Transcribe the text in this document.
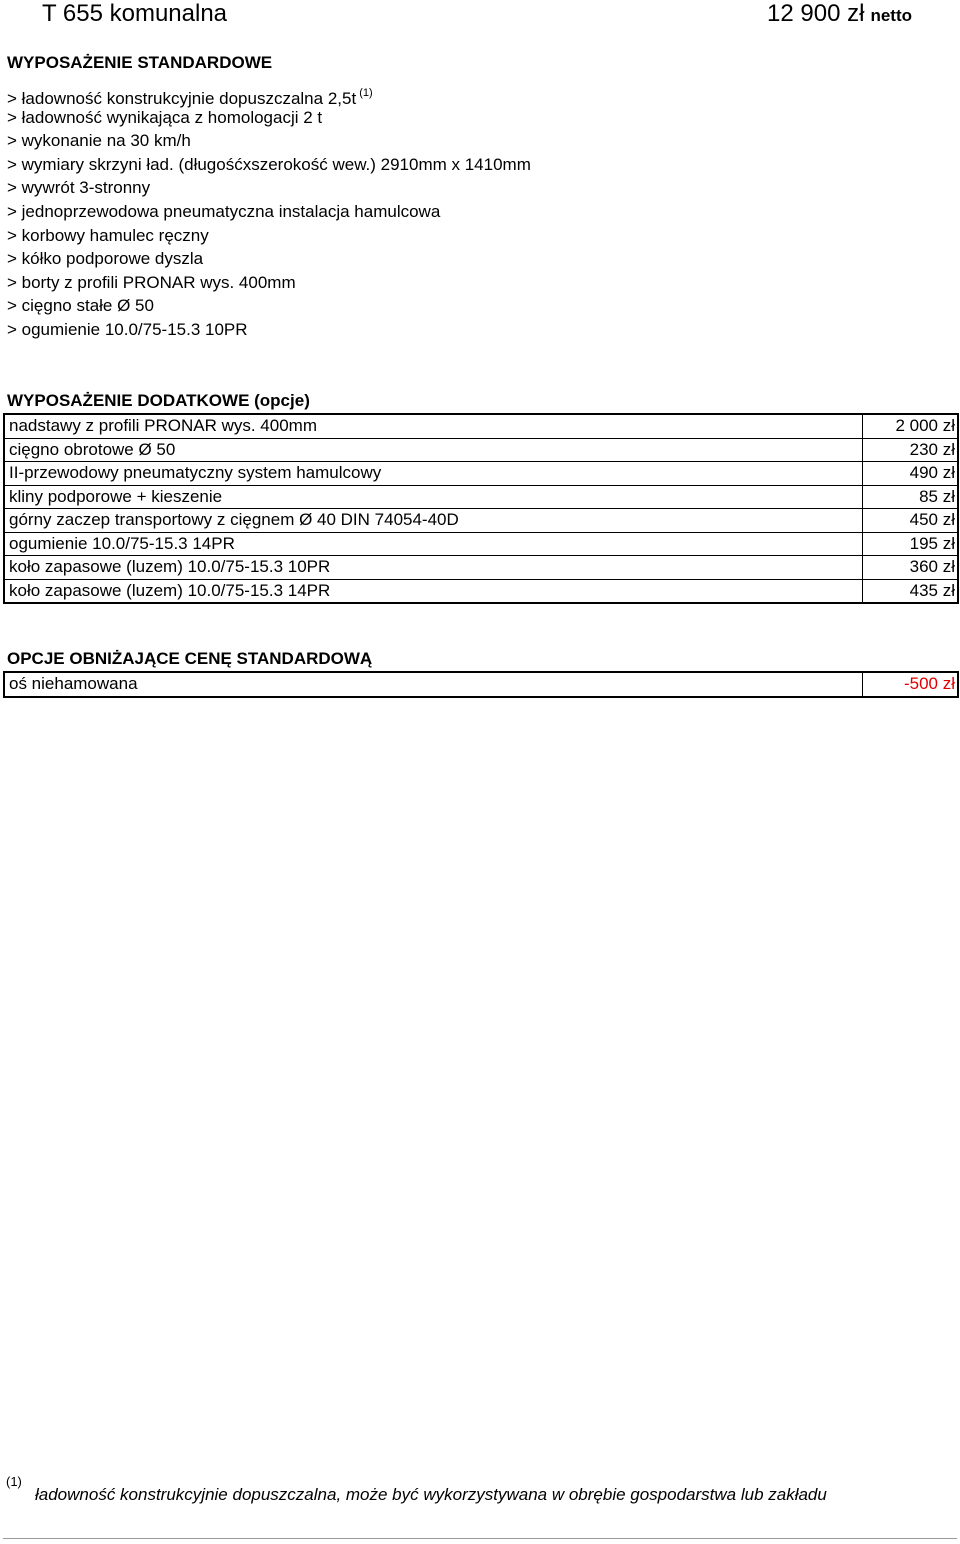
T 655 komunalna	12 900 zł netto
WYPOSAŻENIE STANDARDOWE
> ładowność konstrukcyjnie dopuszczalna 2,5t $^{(1)}$
> ładowność wynikająca z homologacji 2 t
> wykonanie na 30 km/h
> wymiary skrzyni ład. (długośćxszerokość wew.) 2910mm x 1410mm
> wywrót 3-stronny
> jednoprzewodowa pneumatyczna instalacja hamulcowa
> korbowy hamulec ręczny
> kółko podporowe dyszla
> borty z profili PRONAR wys. 400mm
> cięgno stałe Ø 50
> ogumienie 10.0/75-15.3 10PR
WYPOSAŻENIE DODATKOWE (opcje)
nadstawy z profili PRONAR wys. 400mm	2 000 zł
cięgno obrotowe Ø 50	230 zł
II-przewodowy pneumatyczny system hamulcowy	490 zł
kliny podporowe + kieszenie	85 zł
górny zaczep transportowy z cięgnem Ø 40 DIN 74054-40D	450 zł
ogumienie 10.0/75-15.3 14PR	195 zł
koło zapasowe (luzem) 10.0/75-15.3 10PR	360 zł
koło zapasowe (luzem) 10.0/75-15.3 14PR	435 zł
OPCJE OBNIŻAJĄCE CENĘ STANDARDOWĄ
oś niehamowana	-500 zł
(1)
ładowność konstrukcyjnie dopuszczalna, może być wykorzystywana w obrębie gospodarstwa lub zakładu
